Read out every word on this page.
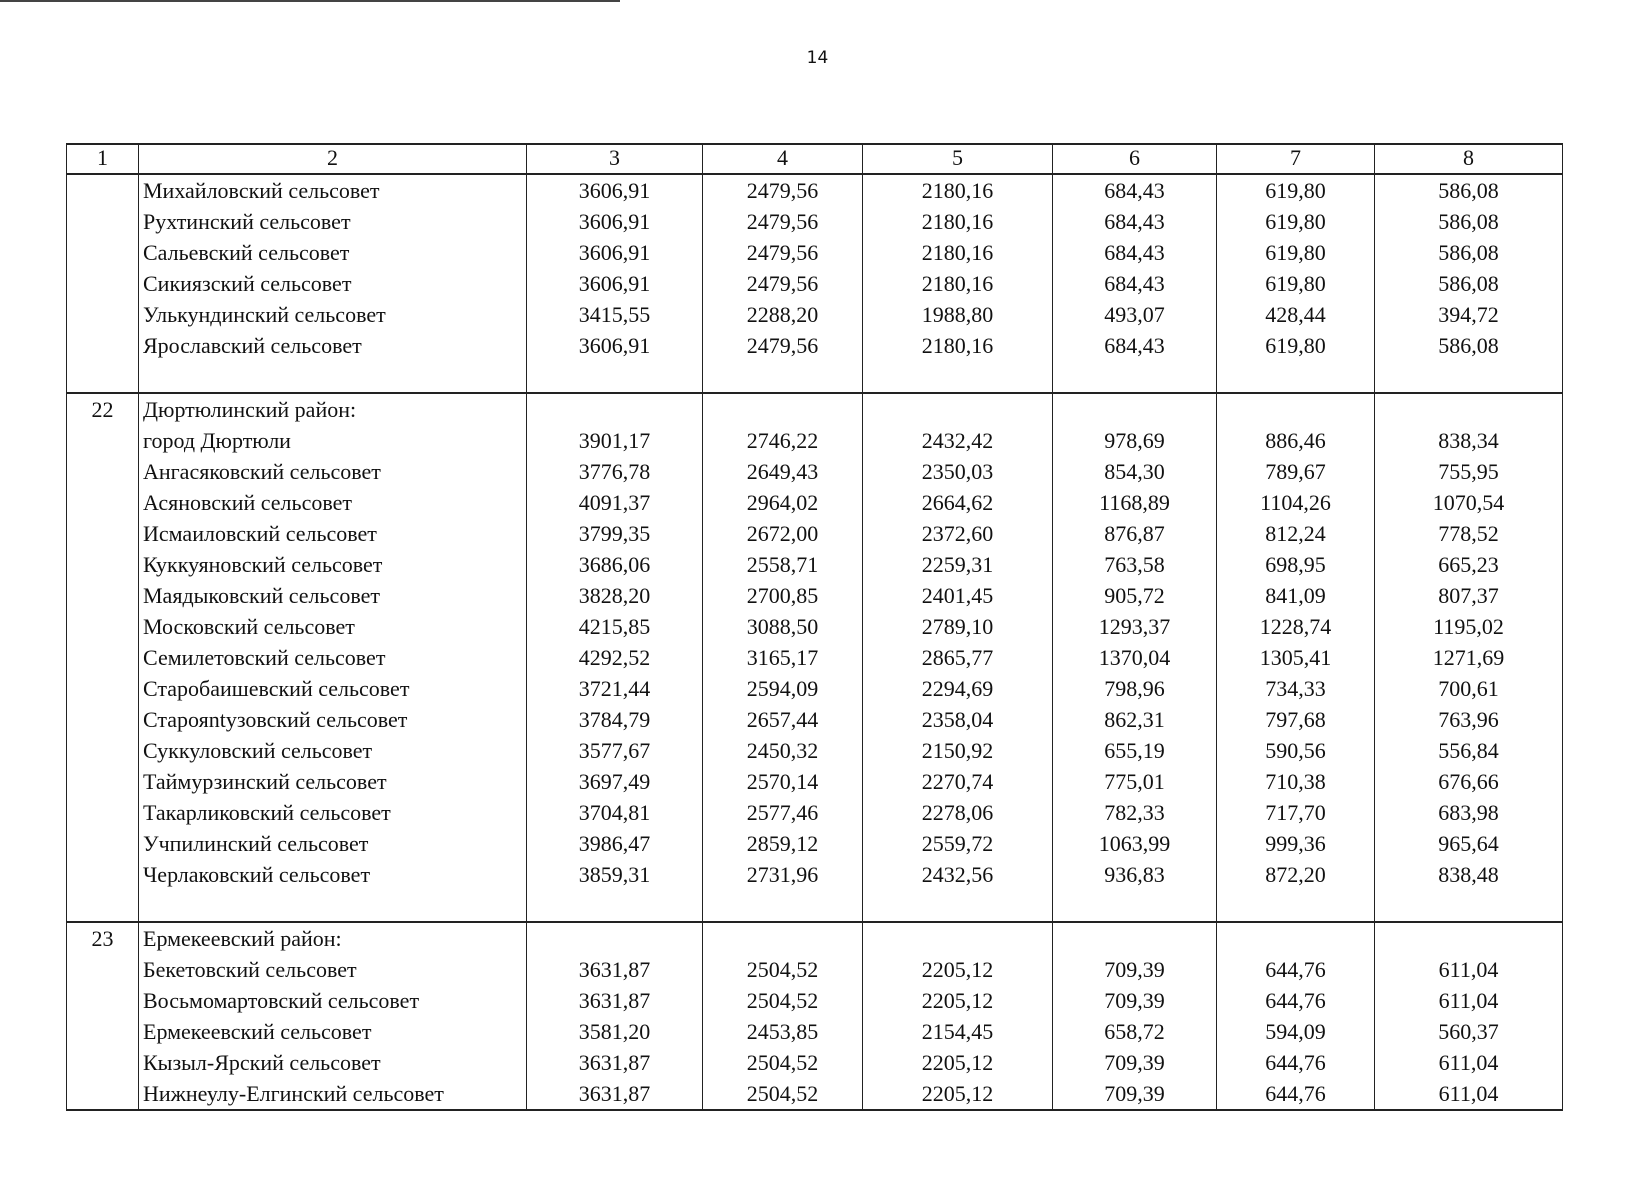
14
1	2	3	4	5	6	7	8
	Михайловский сельсовет	3606,91	2479,56	2180,16	684,43	619,80	586,08
	Рухтинский сельсовет	3606,91	2479,56	2180,16	684,43	619,80	586,08
	Сальевский сельсовет	3606,91	2479,56	2180,16	684,43	619,80	586,08
	Сикиязский сельсовет	3606,91	2479,56	2180,16	684,43	619,80	586,08
	Улькундинский сельсовет	3415,55	2288,20	1988,80	493,07	428,44	394,72
	Ярославский сельсовет	3606,91	2479,56	2180,16	684,43	619,80	586,08

22	Дюртюлинский район:						
	город Дюртюли	3901,17	2746,22	2432,42	978,69	886,46	838,34
	Ангасяковский сельсовет	3776,78	2649,43	2350,03	854,30	789,67	755,95
	Асяновский сельсовет	4091,37	2964,02	2664,62	1168,89	1104,26	1070,54
	Исмаиловский сельсовет	3799,35	2672,00	2372,60	876,87	812,24	778,52
	Куккуяновский сельсовет	3686,06	2558,71	2259,31	763,58	698,95	665,23
	Маядыковский сельсовет	3828,20	2700,85	2401,45	905,72	841,09	807,37
	Московский сельсовет	4215,85	3088,50	2789,10	1293,37	1228,74	1195,02
	Семилетовский сельсовет	4292,52	3165,17	2865,77	1370,04	1305,41	1271,69
	Старобаишевский сельсовет	3721,44	2594,09	2294,69	798,96	734,33	700,61
	Старояntузовский сельсовет	3784,79	2657,44	2358,04	862,31	797,68	763,96
	Суккуловский сельсовет	3577,67	2450,32	2150,92	655,19	590,56	556,84
	Таймурзинский сельсовет	3697,49	2570,14	2270,74	775,01	710,38	676,66
	Такарликовский сельсовет	3704,81	2577,46	2278,06	782,33	717,70	683,98
	Учпилинский сельсовет	3986,47	2859,12	2559,72	1063,99	999,36	965,64
	Черлаковский сельсовет	3859,31	2731,96	2432,56	936,83	872,20	838,48

23	Ермекеевский район:						
	Бекетовский сельсовет	3631,87	2504,52	2205,12	709,39	644,76	611,04
	Восьмомартовский сельсовет	3631,87	2504,52	2205,12	709,39	644,76	611,04
	Ермекеевский сельсовет	3581,20	2453,85	2154,45	658,72	594,09	560,37
	Кызыл-Ярский сельсовет	3631,87	2504,52	2205,12	709,39	644,76	611,04
	Нижнеулу-Елгинский сельсовет	3631,87	2504,52	2205,12	709,39	644,76	611,04
